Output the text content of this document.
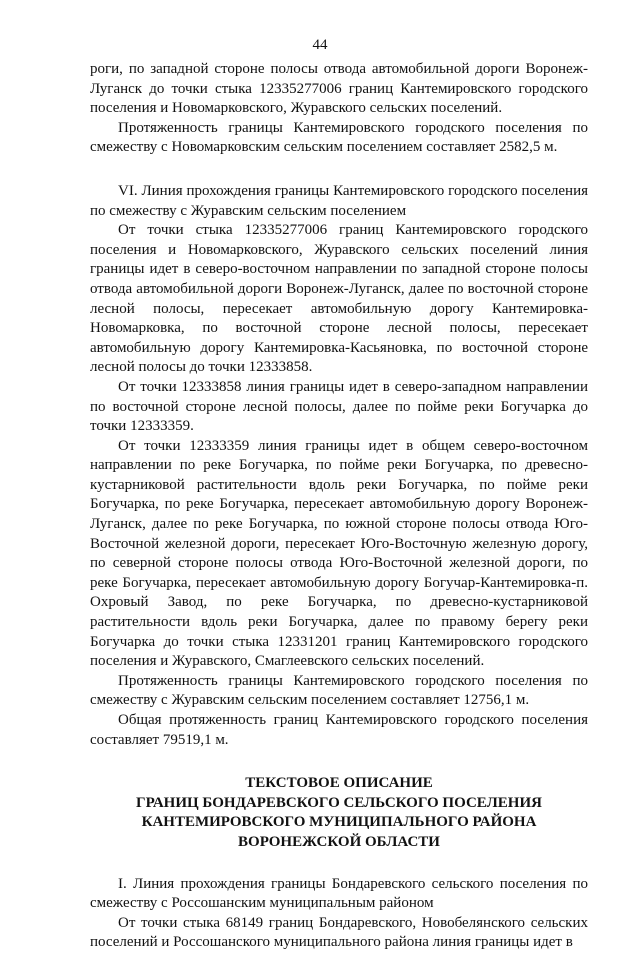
44

роги, по западной стороне полосы отвода автомобильной дороги Воронеж-Луганск до точки стыка 12335277006 границ Кантемировского городского поселения и Новомарковского, Журавского сельских поселений.

Протяженность границы Кантемировского городского поселения по смежеству с Новомарковским сельским поселением составляет 2582,5 м.

VI. Линия прохождения границы Кантемировского городского поселения по смежеству с Журавским сельским поселением

От точки стыка 12335277006 границ Кантемировского городского поселения и Новомарковского, Журавского сельских поселений линия границы идет в северо-восточном направлении по западной стороне полосы отвода автомобильной дороги Воронеж-Луганск, далее по восточной стороне лесной полосы, пересекает автомобильную дорогу Кантемировка-Новомарковка, по восточной стороне лесной полосы, пересекает автомобильную дорогу Кантемировка-Касьяновка, по восточной стороне лесной полосы до точки 12333858.

От точки 12333858 линия границы идет в северо-западном направлении по восточной стороне лесной полосы, далее по пойме реки Богучарка до точки 12333359.

От точки 12333359 линия границы идет в общем северо-восточном направлении по реке Богучарка, по пойме реки Богучарка, по древесно-кустарниковой растительности вдоль реки Богучарка, по пойме реки Богучарка, по реке Богучарка, пересекает автомобильную дорогу Воронеж-Луганск, далее по реке Богучарка, по южной стороне полосы отвода Юго-Восточной железной дороги, пересекает Юго-Восточную железную дорогу, по северной стороне полосы отвода Юго-Восточной железной дороги, по реке Богучарка, пересекает автомобильную дорогу Богучар-Кантемировка-п. Охровый Завод, по реке Богучарка, по древесно-кустарниковой растительности вдоль реки Богучарка, далее по правому берегу реки Богучарка до точки стыка 12331201 границ Кантемировского городского поселения и Журавского, Смаглеевского сельских поселений.

Протяженность границы Кантемировского городского поселения по смежеству с Журавским сельским поселением составляет 12756,1 м.

Общая протяженность границ Кантемировского городского поселения составляет 79519,1 м.

ТЕКСТОВОЕ ОПИСАНИЕ
ГРАНИЦ БОНДАРЕВСКОГО СЕЛЬСКОГО ПОСЕЛЕНИЯ
КАНТЕМИРОВСКОГО МУНИЦИПАЛЬНОГО РАЙОНА
ВОРОНЕЖСКОЙ ОБЛАСТИ

I. Линия прохождения границы Бондаревского сельского поселения по смежеству с Россошанским муниципальным районом

От точки стыка 68149 границ Бондаревского, Новобелянского сельских поселений и Россошанского муниципального района линия границы идет в
